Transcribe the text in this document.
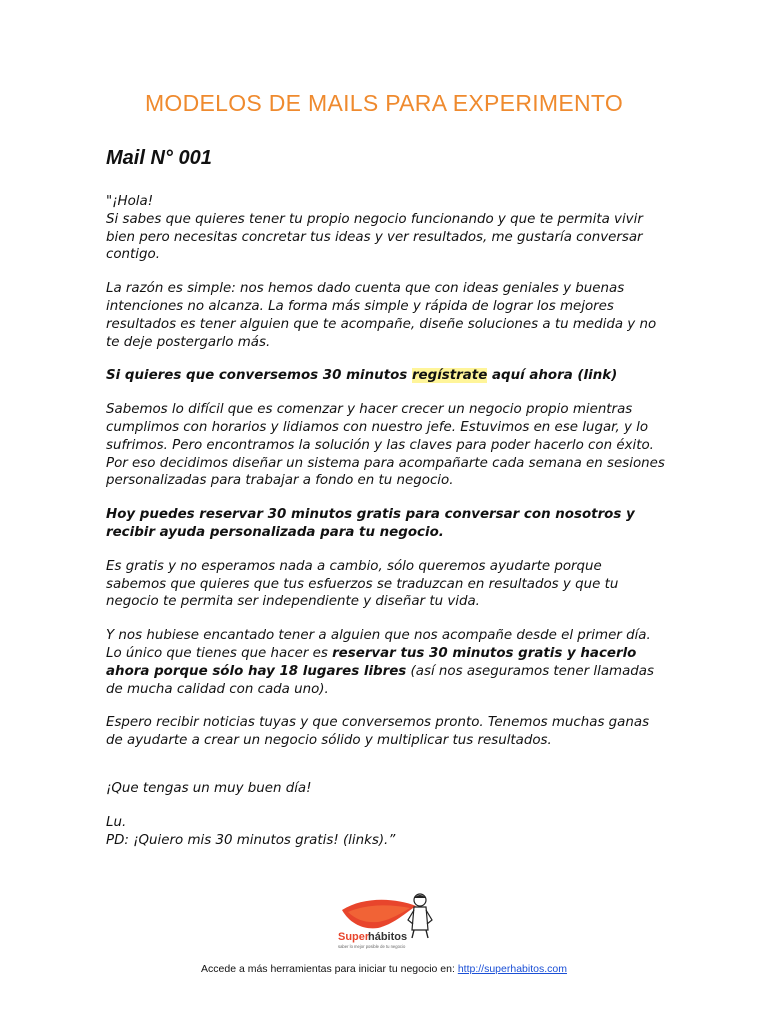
MODELOS DE MAILS PARA EXPERIMENTO
Mail N° 001

"¡Hola!
Si sabes que quieres tener tu propio negocio funcionando y que te permita vivir bien pero necesitas concretar tus ideas y ver resultados, me gustaría conversar contigo.

La razón es simple: nos hemos dado cuenta que con ideas geniales y buenas intenciones no alcanza. La forma más simple y rápida de lograr los mejores resultados es tener alguien que te acompañe, diseñe soluciones a tu medida y no te deje postergarlo más.

Si quieres que conversemos 30 minutos regístrate aquí ahora (link)

Sabemos lo difícil que es comenzar y hacer crecer un negocio propio mientras cumplimos con horarios y lidiamos con nuestro jefe. Estuvimos en ese lugar, y lo sufrimos. Pero encontramos la solución y las claves para poder hacerlo con éxito.
Por eso decidimos diseñar un sistema para acompañarte cada semana en sesiones personalizadas para trabajar a fondo en tu negocio.

Hoy puedes reservar 30 minutos gratis para conversar con nosotros y recibir ayuda personalizada para tu negocio.

Es gratis y no esperamos nada a cambio, sólo queremos ayudarte porque sabemos que quieres que tus esfuerzos se traduzcan en resultados y que tu negocio te permita ser independiente y diseñar tu vida.

Y nos hubiese encantado tener a alguien que nos acompañe desde el primer día.
Lo único que tienes que hacer es reservar tus 30 minutos gratis y hacerlo ahora porque sólo hay 18 lugares libres (así nos aseguramos tener llamadas de mucha calidad con cada uno).

Espero recibir noticias tuyas y que conversemos pronto. Tenemos muchas ganas de ayudarte a crear un negocio sólido y multiplicar tus resultados.

¡Que tengas un muy buen día!

Lu.
PD: ¡Quiero mis 30 minutos gratis! (links).”

Super
hábitos
saber lo mejor posible de tu negocio
Accede a más herramientas para iniciar tu negocio en: http://superhabitos.com
